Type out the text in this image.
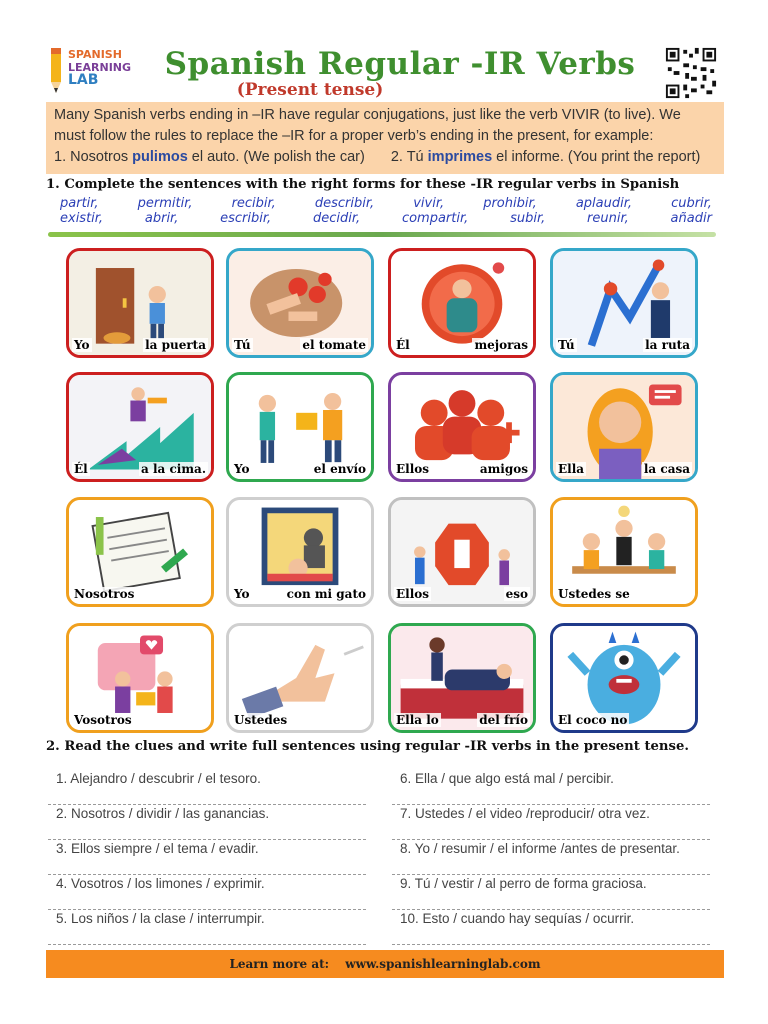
SPANISH
LEARNING
LAB	Spanish Regular -IR Verbs
(Present tense)
Many Spanish verbs ending in –IR have regular conjugations, just like the verb VIVIR (to live). We must follow the rules to replace the –IR for a proper verb’s ending in the present, for example:
1. Nosotros pulimos el auto. (We polish the car) 2. Tú imprimes el informe. (You print the report)
1. Complete the sentences with the right forms for these -IR regular verbs in Spanish
partir,	permitir,	recibir,	describir,	vivir,	prohibir,	aplaudir,	cubrir,
existir,	abrir,	escribir,	decidir,	compartir,	subir,	reunir,	añadir
Yo	la puerta Tú	el tomate	Él	mejoras	Tú	la ruta
Él	a la cima. Yo	el envío	Ellos	amigos	Ella	la casa
Nosotros	Yo	con mi gato	Ellos	eso	Ustedes se
Vosotros	Ustedes	Ella lo	del frío	El coco no
2. Read the clues and write full sentences using regular -IR verbs in the present tense.
1. Alejandro / descubrir / el tesoro.
2. Nosotros / dividir / las ganancias.
3. Ellos siempre / el tema / evadir.
4. Vosotros / los limones / exprimir.
5. Los niños / la clase / interrumpir.
6. Ella / que algo está mal / percibir.
7. Ustedes / el video /reproducir/ otra vez.
8. Yo / resumir / el informe /antes de presentar.
9. Tú / vestir / al perro de forma graciosa.
10. Esto / cuando hay sequías / ocurrir.
Learn more at: www.spanishlearninglab.com
